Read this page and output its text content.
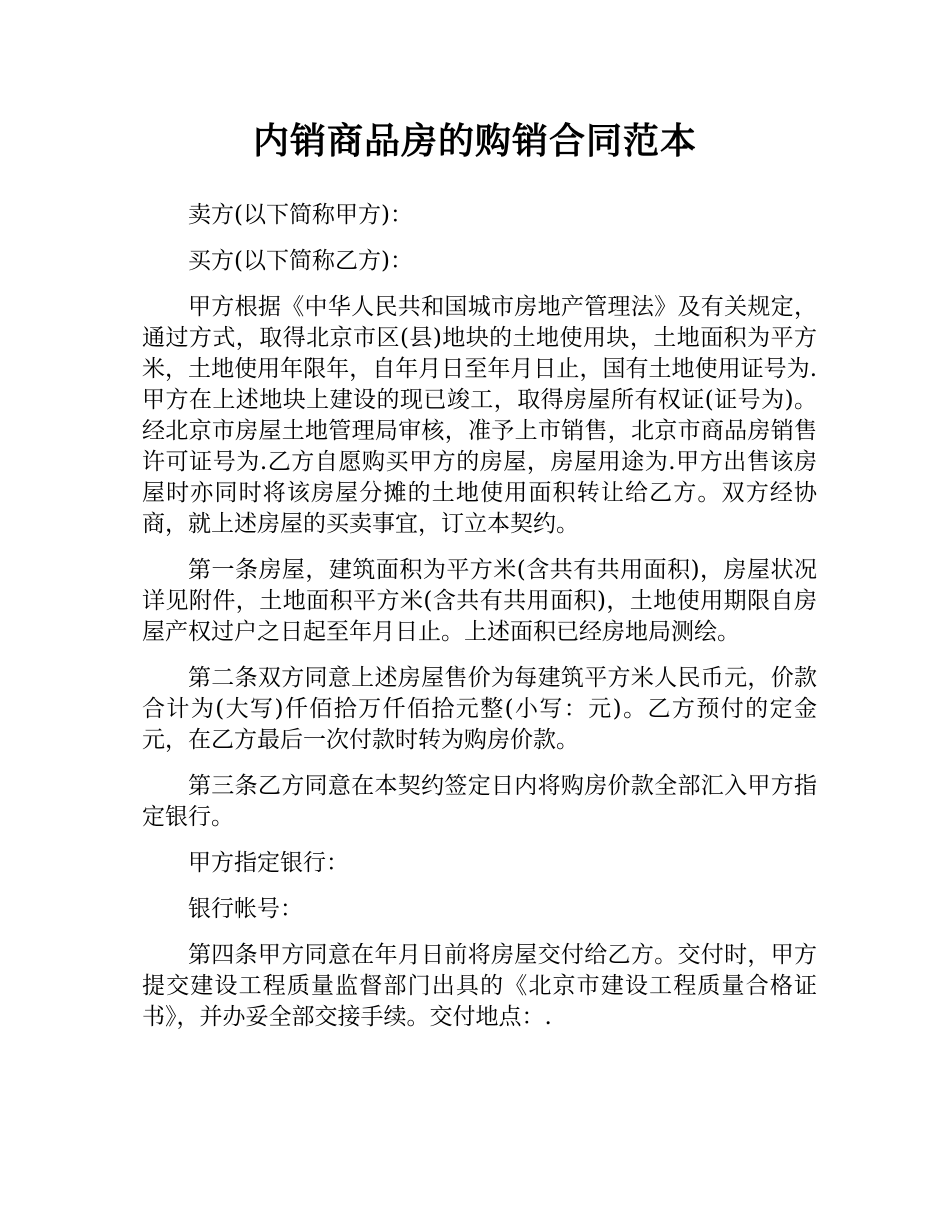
内销商品房的购销合同范本

卖方(以下简称甲方)：

买方(以下简称乙方)：

甲方根据《中华人民共和国城市房地产管理法》及有关规定，通过方式，取得北京市区(县)地块的土地使用块，土地面积为平方米，土地使用年限年，自年月日至年月日止，国有土地使用证号为.甲方在上述地块上建设的现已竣工，取得房屋所有权证(证号为)。经北京市房屋土地管理局审核，准予上市销售，北京市商品房销售许可证号为.乙方自愿购买甲方的房屋，房屋用途为.甲方出售该房屋时亦同时将该房屋分摊的土地使用面积转让给乙方。双方经协商，就上述房屋的买卖事宜，订立本契约。

第一条房屋，建筑面积为平方米(含共有共用面积)，房屋状况详见附件，土地面积平方米(含共有共用面积)，土地使用期限自房屋产权过户之日起至年月日止。上述面积已经房地局测绘。

第二条双方同意上述房屋售价为每建筑平方米人民币元，价款合计为(大写)仟佰拾万仟佰拾元整(小写：元)。乙方预付的定金元，在乙方最后一次付款时转为购房价款。

第三条乙方同意在本契约签定日内将购房价款全部汇入甲方指定银行。

甲方指定银行：

银行帐号：

第四条甲方同意在年月日前将房屋交付给乙方。交付时，甲方提交建设工程质量监督部门出具的《北京市建设工程质量合格证书》，并办妥全部交接手续。交付地点：.
